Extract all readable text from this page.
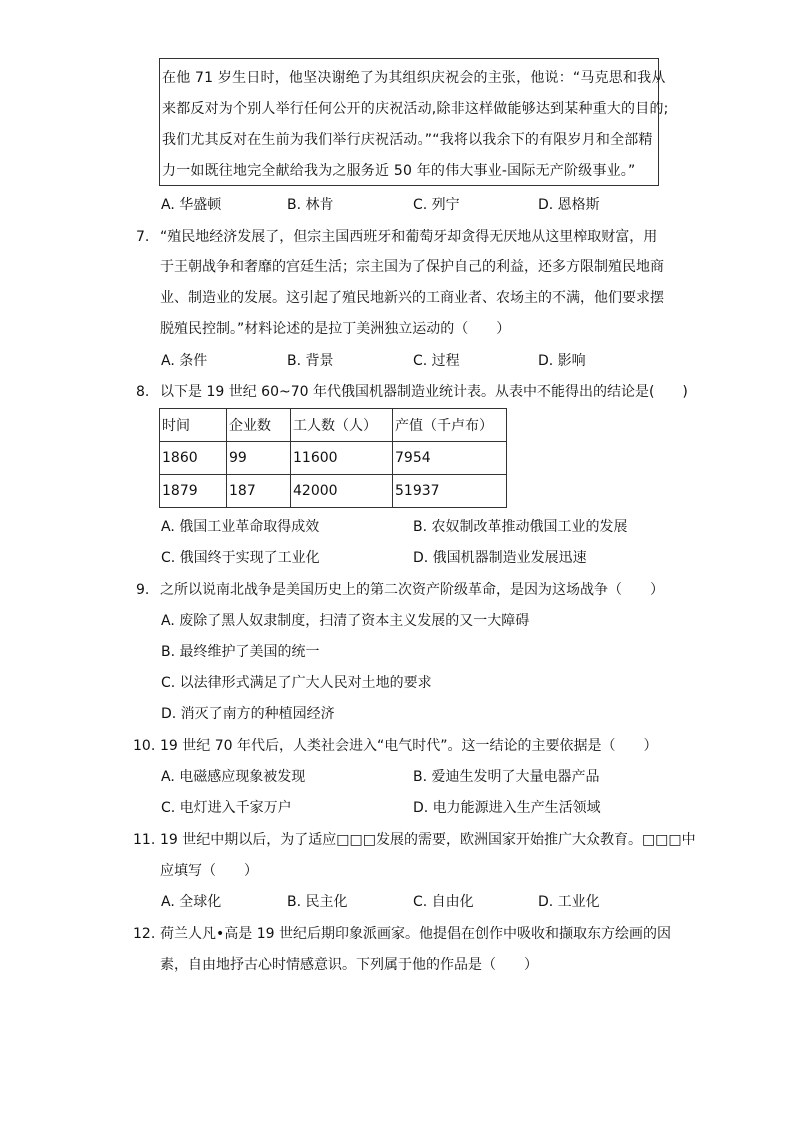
在他 71 岁生日时，他坚决谢绝了为其组织庆祝会的主张，他说：“马克思和我从

来都反对为个别人举行任何公开的庆祝活动,除非这样做能够达到某种重大的目的;

我们尤其反对在生前为我们举行庆祝活动。”“我将以我余下的有限岁月和全部精

力一如既往地完全献给我为之服务近 50 年的伟大事业-国际无产阶级事业。”

A. 华盛顿	B. 林肯	C. 列宁	D. 恩格斯
7. “殖民地经济发展了，但宗主国西班牙和葡萄牙却贪得无厌地从这里榨取财富，用
于王朝战争和奢靡的宫廷生活；宗主国为了保护自己的利益，还多方限制殖民地商
业、制造业的发展。这引起了殖民地新兴的工商业者、农场主的不满，他们要求摆
脱殖民控制。”材料论述的是拉丁美洲独立运动的（　　）
A. 条件	B. 背景	C. 过程	D. 影响
8. 以下是 19 世纪 60~70 年代俄国机器制造业统计表。从表中不能得出的结论是(　　)
时间	企业数	工人数（人）	产值（千卢布）
1860	99	11600	7954
1879	187	42000	51937
A. 俄国工业革命取得成效	B. 农奴制改革推动俄国工业的发展
C. 俄国终于实现了工业化	D. 俄国机器制造业发展迅速
9. 之所以说南北战争是美国历史上的第二次资产阶级革命，是因为这场战争（　　）
A. 废除了黑人奴隶制度，扫清了资本主义发展的又一大障碍
B. 最终维护了美国的统一
C. 以法律形式满足了广大人民对土地的要求
D. 消灭了南方的种植园经济
10. 19 世纪 70 年代后，人类社会进入“电气时代”。这一结论的主要依据是（　　）
A. 电磁感应现象被发现	B. 爱迪生发明了大量电器产品
C. 电灯进入千家万户	D. 电力能源进入生产生活领域
11. 19 世纪中期以后，为了适应□□□发展的需要，欧洲国家开始推广大众教育。□□□中
应填写（　　）
A. 全球化	B. 民主化	C. 自由化	D. 工业化
12. 荷兰人凡•高是 19 世纪后期印象派画家。他提倡在创作中吸收和撷取东方绘画的因
素，自由地抒古心时情感意识。下列属于他的作品是（　　）
